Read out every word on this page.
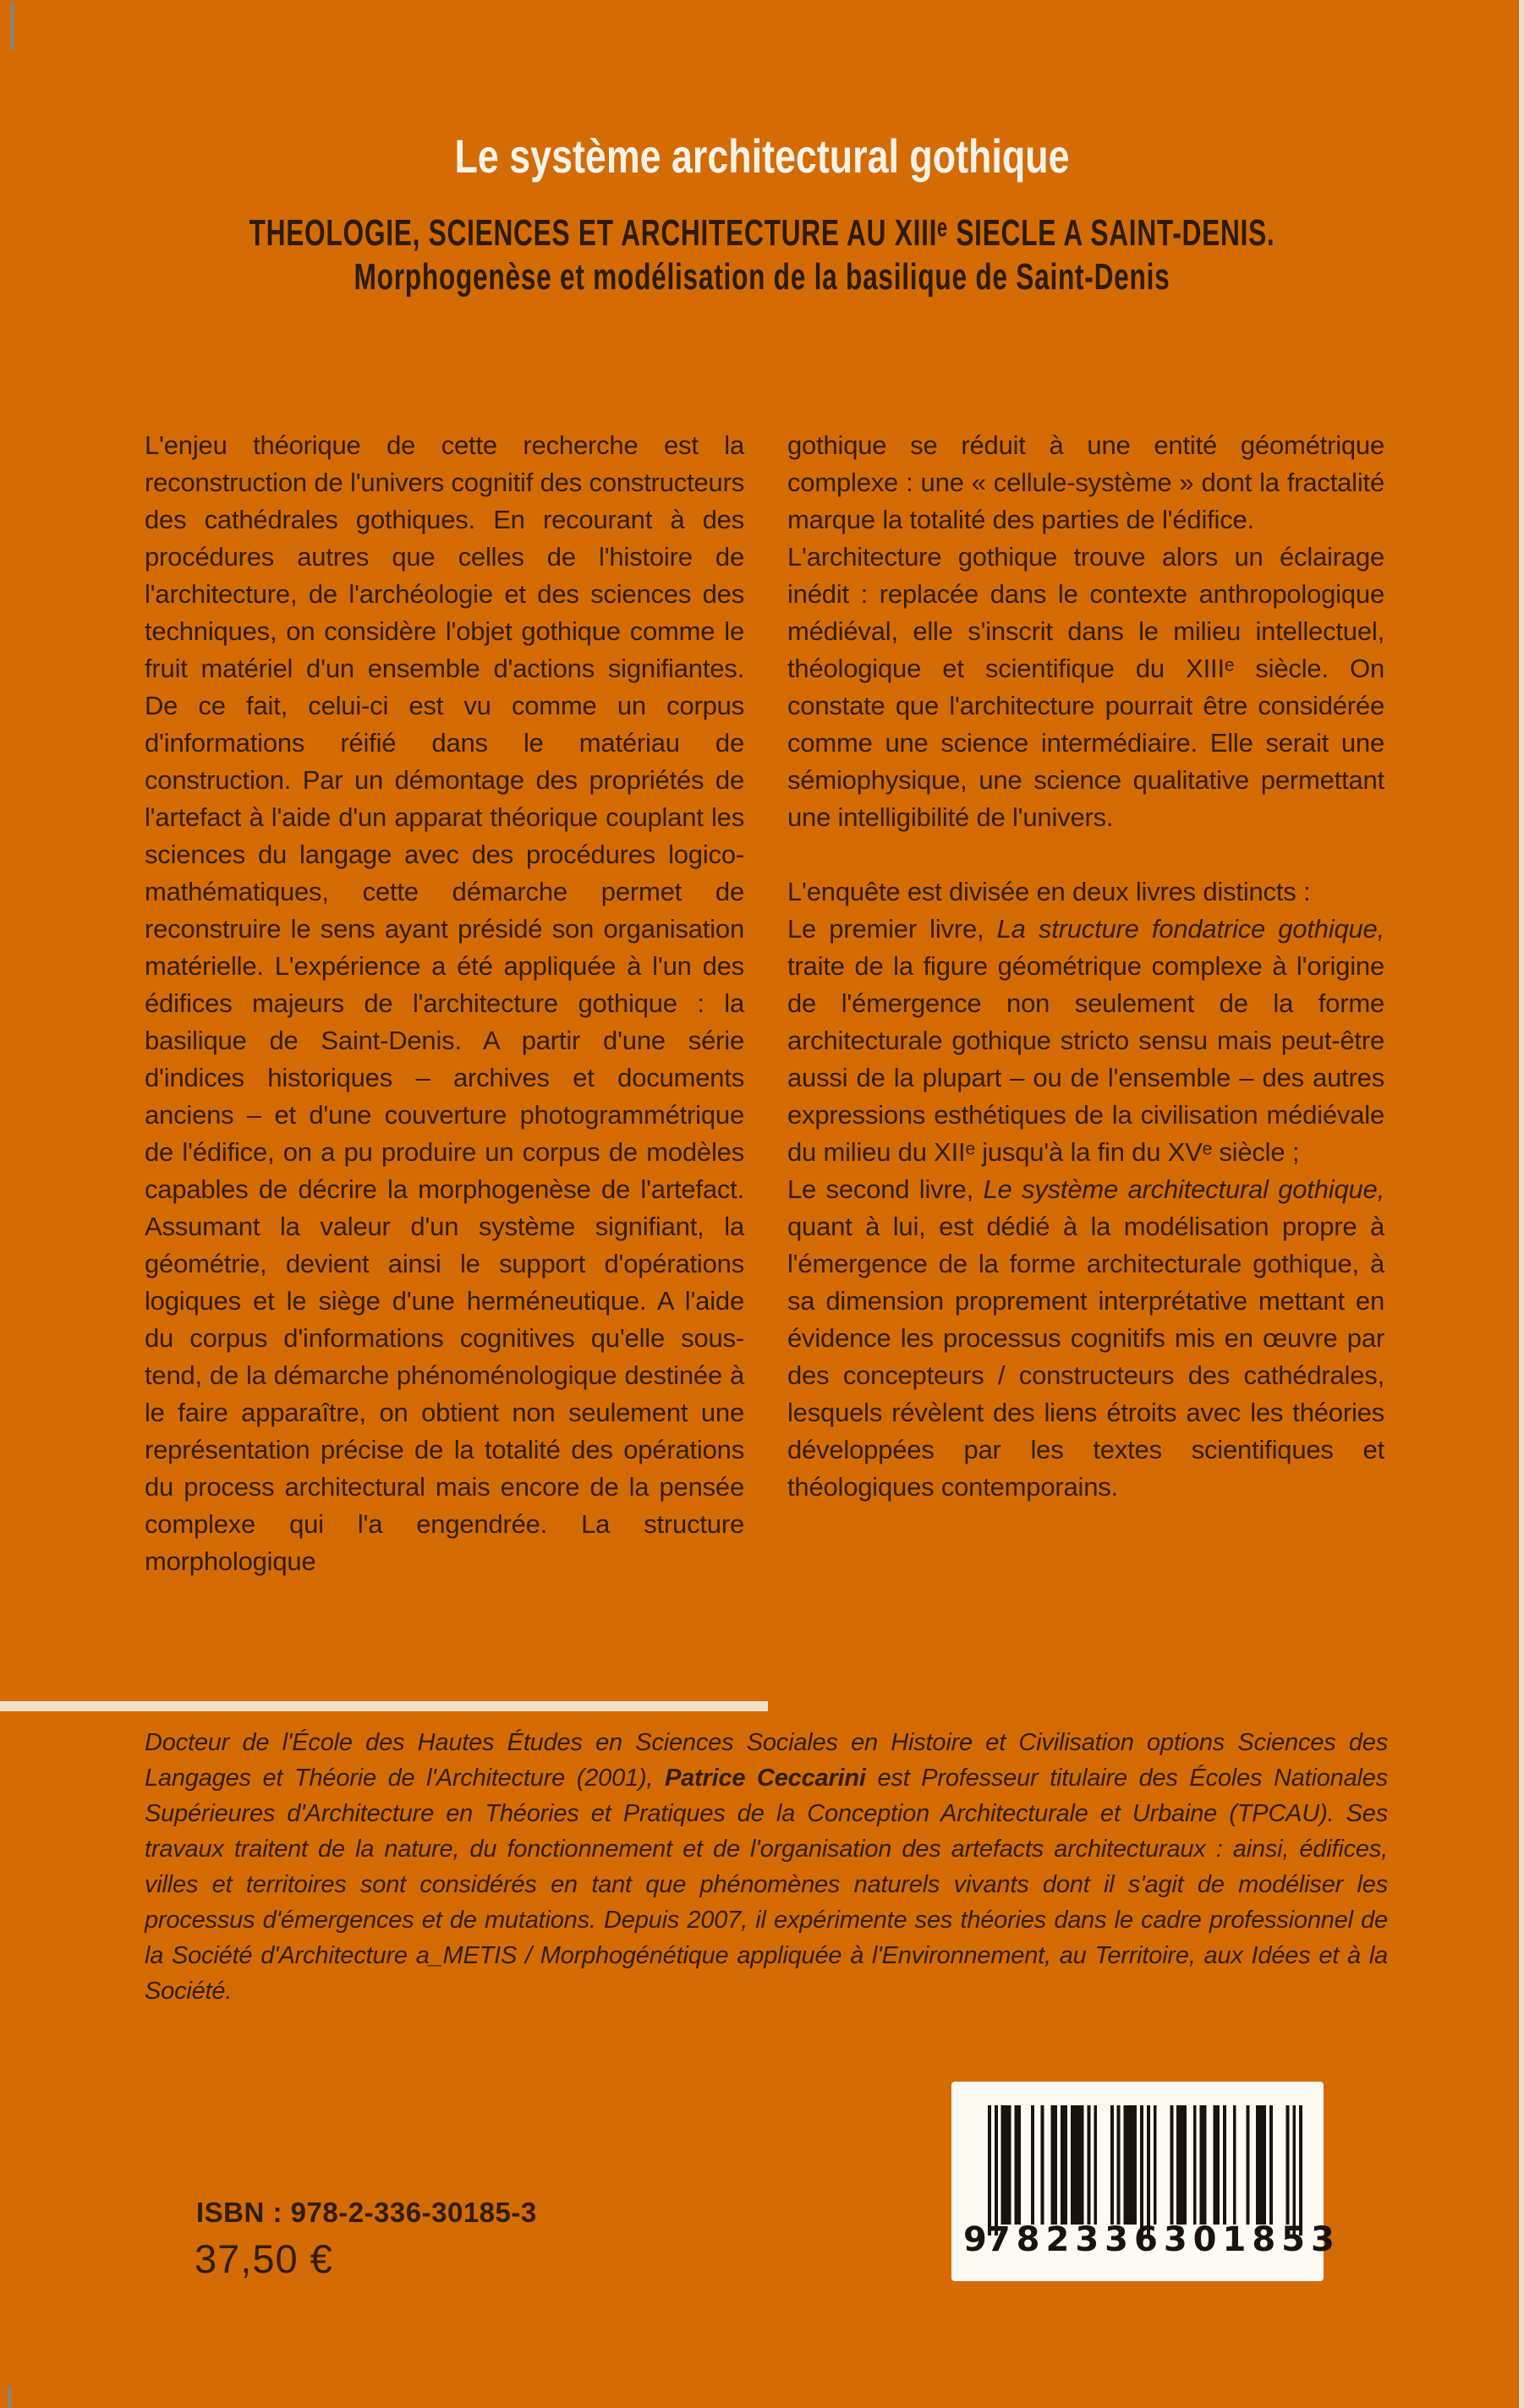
Le système architectural gothique
THEOLOGIE, SCIENCES ET ARCHITECTURE AU XIIIᵉ SIECLE A SAINT-DENIS.
Morphogenèse et modélisation de la basilique de Saint-Denis

L'enjeu théorique de cette recherche est la reconstruction de l'univers cognitif des constructeurs des cathédrales gothiques. En recourant à des procédures autres que celles de l'histoire de l'architecture, de l'archéologie et des sciences des techniques, on considère l'objet gothique comme le fruit matériel d'un ensemble d'actions signifiantes. De ce fait, celui-ci est vu comme un corpus d'informations réifié dans le matériau de construction. Par un démontage des propriétés de l'artefact à l'aide d'un apparat théorique couplant les sciences du langage avec des procédures logico-mathématiques, cette démarche permet de reconstruire le sens ayant présidé son organisation matérielle. L'expérience a été appliquée à l'un des édifices majeurs de l'architecture gothique : la basilique de Saint-Denis. A partir d'une série d'indices historiques – archives et documents anciens – et d'une couverture photogrammétrique de l'édifice, on a pu produire un corpus de modèles capables de décrire la morphogenèse de l'artefact. Assumant la valeur d'un système signifiant, la géométrie, devient ainsi le support d'opérations logiques et le siège d'une herméneutique. A l'aide du corpus d'informations cognitives qu'elle sous-tend, de la démarche phénoménologique destinée à le faire apparaître, on obtient non seulement une représentation précise de la totalité des opérations du process architectural mais encore de la pensée complexe qui l'a engendrée. La structure morphologique

gothique se réduit à une entité géométrique complexe : une « cellule-système » dont la fractalité marque la totalité des parties de l'édifice.

L'architecture gothique trouve alors un éclairage inédit : replacée dans le contexte anthropologique médiéval, elle s'inscrit dans le milieu intellectuel, théologique et scientifique du XIIIᵉ siècle. On constate que l'architecture pourrait être considérée comme une science intermédiaire. Elle serait une sémiophysique, une science qualitative permettant une intelligibilité de l'univers.

L'enquête est divisée en deux livres distincts :

Le premier livre, La structure fondatrice gothique, traite de la figure géométrique complexe à l'origine de l'émergence non seulement de la forme architecturale gothique stricto sensu mais peut-être aussi de la plupart – ou de l'ensemble – des autres expressions esthétiques de la civilisation médiévale du milieu du XIIᵉ jusqu'à la fin du XVᵉ siècle ;

Le second livre, Le système architectural gothique, quant à lui, est dédié à la modélisation propre à l'émergence de la forme architecturale gothique, à sa dimension proprement interprétative mettant en évidence les processus cognitifs mis en œuvre par des concepteurs / constructeurs des cathédrales, lesquels révèlent des liens étroits avec les théories développées par les textes scientifiques et théologiques contemporains.

Docteur de l'École des Hautes Études en Sciences Sociales en Histoire et Civilisation options Sciences des Langages et Théorie de l'Architecture (2001), Patrice Ceccarini est Professeur titulaire des Écoles Nationales Supérieures d'Architecture en Théories et Pratiques de la Conception Architecturale et Urbaine (TPCAU). Ses travaux traitent de la nature, du fonctionnement et de l'organisation des artefacts architecturaux : ainsi, édifices, villes et territoires sont considérés en tant que phénomènes naturels vivants dont il s'agit de modéliser les processus d'émergences et de mutations. Depuis 2007, il expérimente ses théories dans le cadre professionnel de la Société d'Architecture a_METIS / Morphogénétique appliquée à l'Environnement, au Territoire, aux Idées et à la Société.
ISBN : 978-2-336-30185-3
37,50 €	9 782336 301853
